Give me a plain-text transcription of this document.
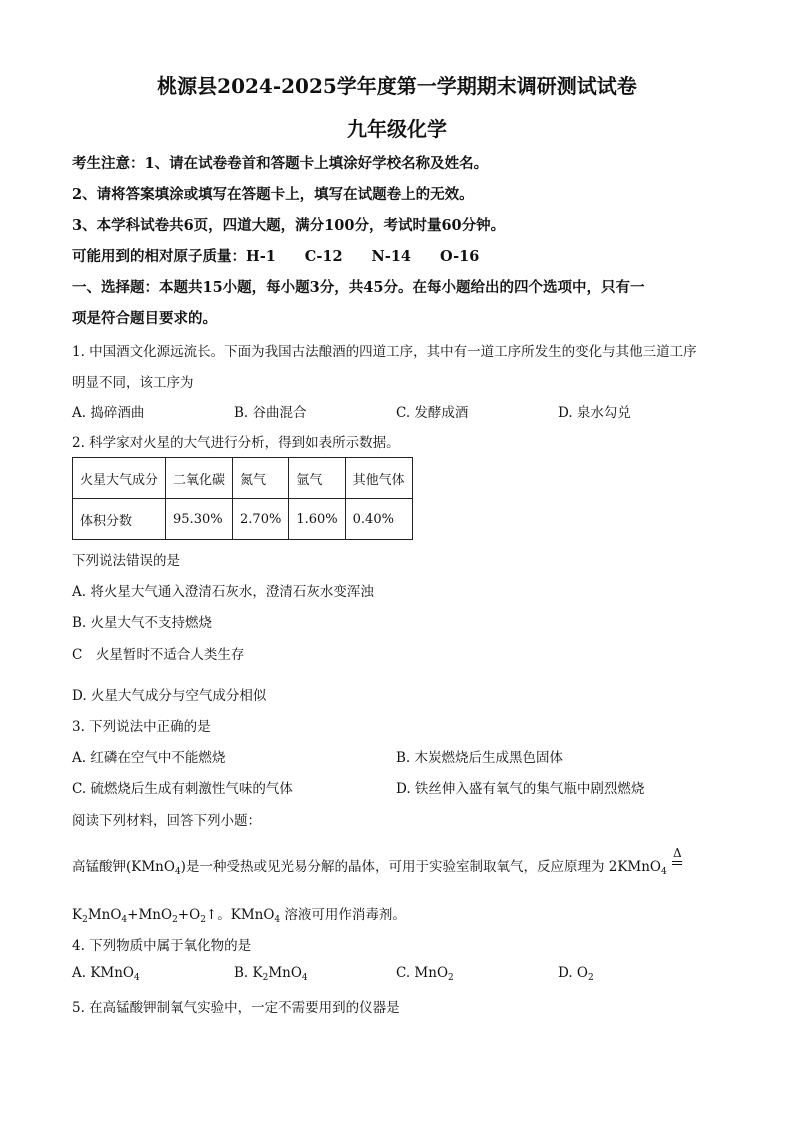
桃源县2024-2025学年度第一学期期末调研测试试卷
九年级化学
考生注意：1、请在试卷卷首和答题卡上填涂好学校名称及姓名。
2、请将答案填涂或填写在答题卡上，填写在试题卷上的无效。
3、本学科试卷共6页，四道大题，满分100分，考试时量60分钟。
可能用到的相对原子质量：H-1　　C-12　　N-14　　O-16
一、选择题：本题共15小题，每小题3分，共45分。在每小题给出的四个选项中，只有一
项是符合题目要求的。
1. 中国酒文化源远流长。下面为我国古法酿酒的四道工序，其中有一道工序所发生的变化与其他三道工序
明显不同，该工序为
A. 捣碎酒曲	B. 谷曲混合	C. 发酵成酒	D. 泉水勾兑
2. 科学家对火星的大气进行分析，得到如表所示数据。
火星大气成分	二氧化碳	氮气	氩气	其他气体
体积分数	95.30%	2.70%	1.60%	0.40%
下列说法错误的是
A. 将火星大气通入澄清石灰水，澄清石灰水变浑浊
B. 火星大气不支持燃烧
C　火星暂时不适合人类生存
D. 火星大气成分与空气成分相似
3. 下列说法中正确的是
A. 红磷在空气中不能燃烧	B. 木炭燃烧后生成黑色固体
C. 硫燃烧后生成有刺激性气味的气体	D. 铁丝伸入盛有氧气的集气瓶中剧烈燃烧
阅读下列材料，回答下列小题：
高锰酸钾(KMnO$_4$)是一种受热或见光易分解的晶体，可用于实验室制取氧气，反应原理为 2KMnO$_4$
Δ
$K_2MnO_4+MnO_2+O_2↑$。KMnO$_4$ 溶液可用作消毒剂。
4. 下列物质中属于氧化物的是
A. KMnO$_4$	B. $K_2MnO_4$	C. MnO$_2$	D. $O_2$
5. 在高锰酸钾制氧气实验中，一定不需要用到的仪器是
